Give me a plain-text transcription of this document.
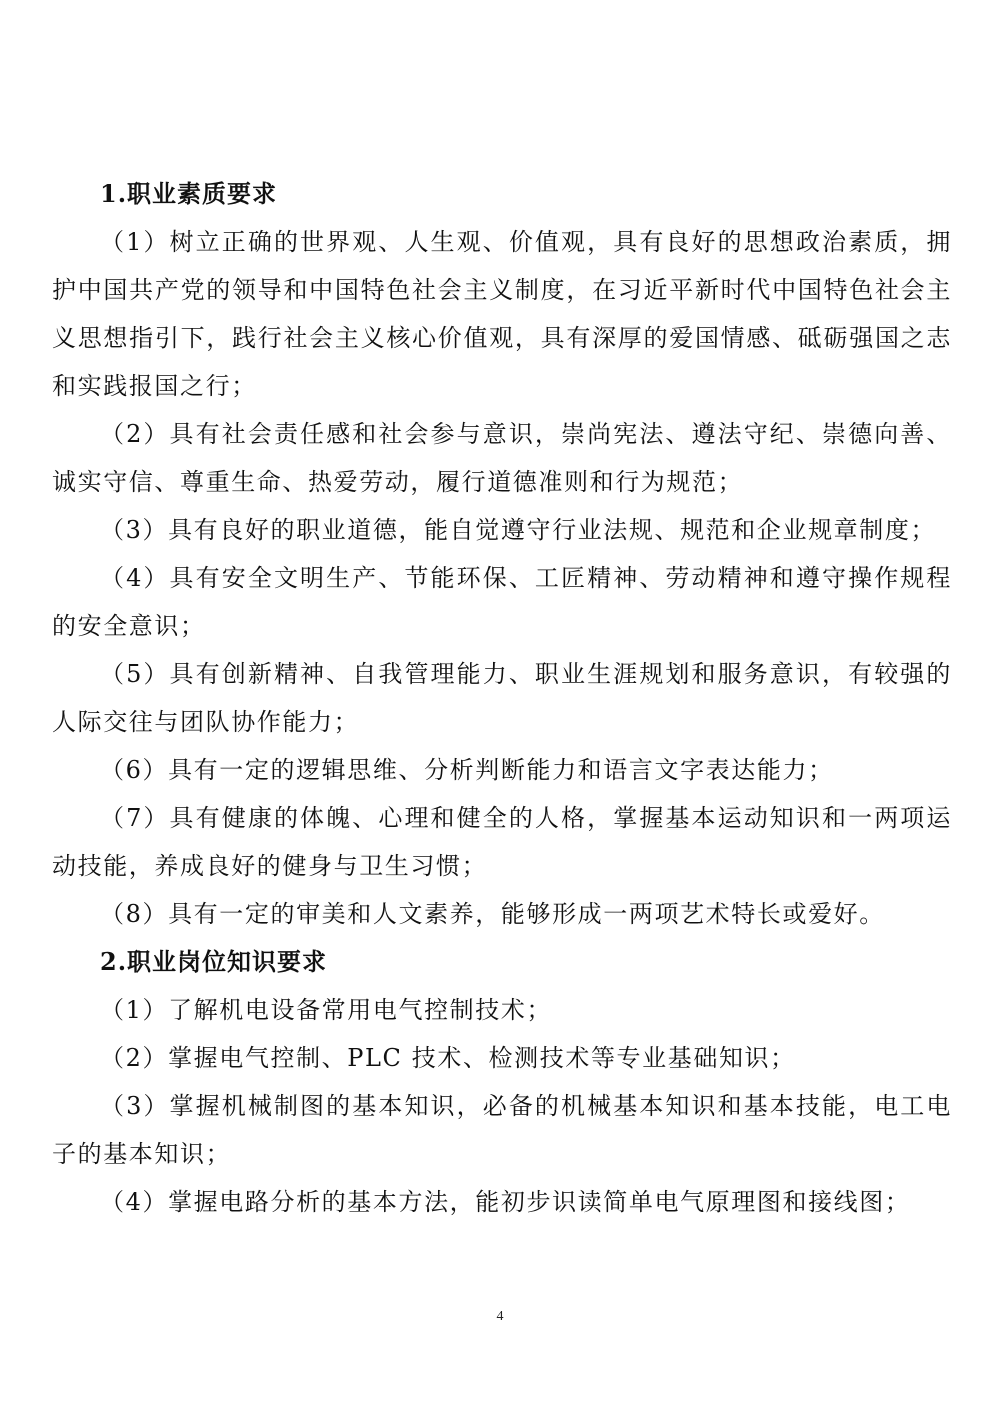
1.职业素质要求

（1）树立正确的世界观、人生观、价值观，具有良好的思想政治素质，拥护中国共产党的领导和中国特色社会主义制度，在习近平新时代中国特色社会主义思想指引下，践行社会主义核心价值观，具有深厚的爱国情感、砥砺强国之志和实践报国之行；

（2）具有社会责任感和社会参与意识，崇尚宪法、遵法守纪、崇德向善、诚实守信、尊重生命、热爱劳动，履行道德准则和行为规范；

（3）具有良好的职业道德，能自觉遵守行业法规、规范和企业规章制度；

（4）具有安全文明生产、节能环保、工匠精神、劳动精神和遵守操作规程的安全意识；

（5）具有创新精神、自我管理能力、职业生涯规划和服务意识，有较强的人际交往与团队协作能力；

（6）具有一定的逻辑思维、分析判断能力和语言文字表达能力；

（7）具有健康的体魄、心理和健全的人格，掌握基本运动知识和一两项运动技能，养成良好的健身与卫生习惯；

（8）具有一定的审美和人文素养，能够形成一两项艺术特长或爱好。

2.职业岗位知识要求

（1）了解机电设备常用电气控制技术；

（2）掌握电气控制、PLC 技术、检测技术等专业基础知识；

（3）掌握机械制图的基本知识，必备的机械基本知识和基本技能，电工电 子的基本知识；

（4）掌握电路分析的基本方法，能初步识读简单电气原理图和接线图；

4
